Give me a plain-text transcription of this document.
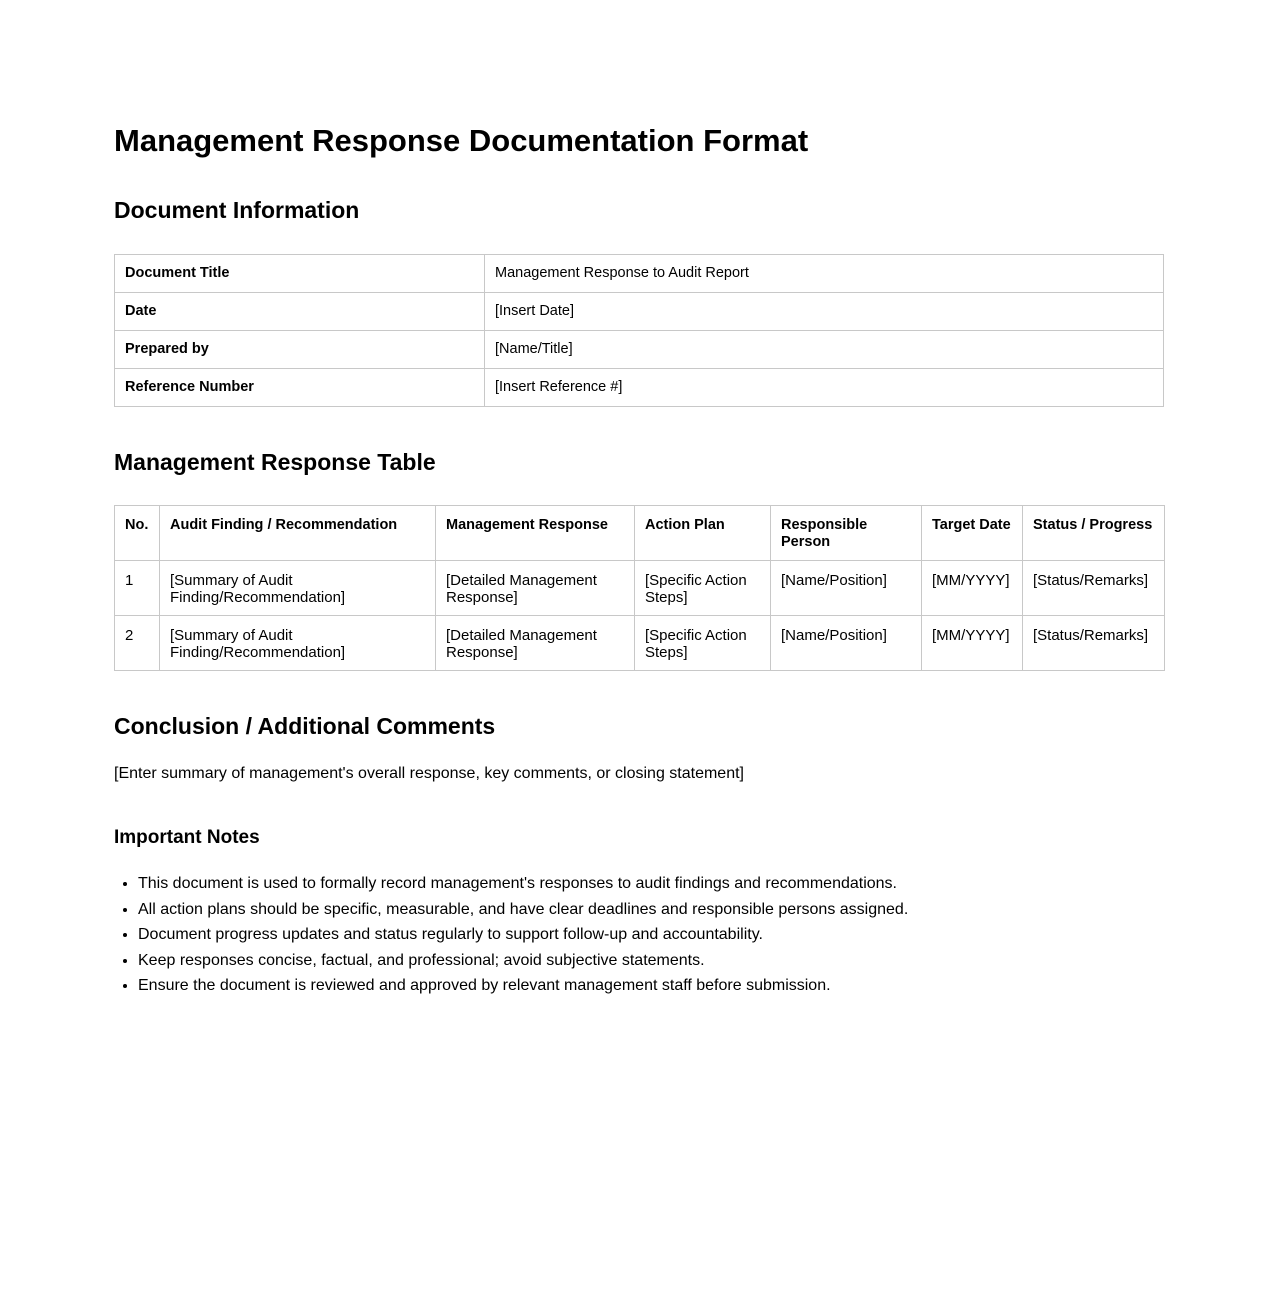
Management Response Documentation Format
Document Information
Document Title	Management Response to Audit Report
Date	[Insert Date]
Prepared by	[Name/Title]
Reference Number	[Insert Reference #]
Management Response Table
No.	Audit Finding / Recommendation	Management Response	Action Plan	Responsible Person	Target Date	Status / Progress
1	[Summary of Audit Finding/Recommendation]	[Detailed Management Response]	[Specific Action Steps]	[Name/Position]	[MM/YYYY]	[Status/Remarks]
2	[Summary of Audit Finding/Recommendation]	[Detailed Management Response]	[Specific Action Steps]	[Name/Position]	[MM/YYYY]	[Status/Remarks]
Conclusion / Additional Comments

[Enter summary of management's overall response, key comments, or closing statement]

Important Notes
• This document is used to formally record management's responses to audit findings and recommendations.
• All action plans should be specific, measurable, and have clear deadlines and responsible persons assigned.
• Document progress updates and status regularly to support follow-up and accountability.
• Keep responses concise, factual, and professional; avoid subjective statements.
• Ensure the document is reviewed and approved by relevant management staff before submission.
